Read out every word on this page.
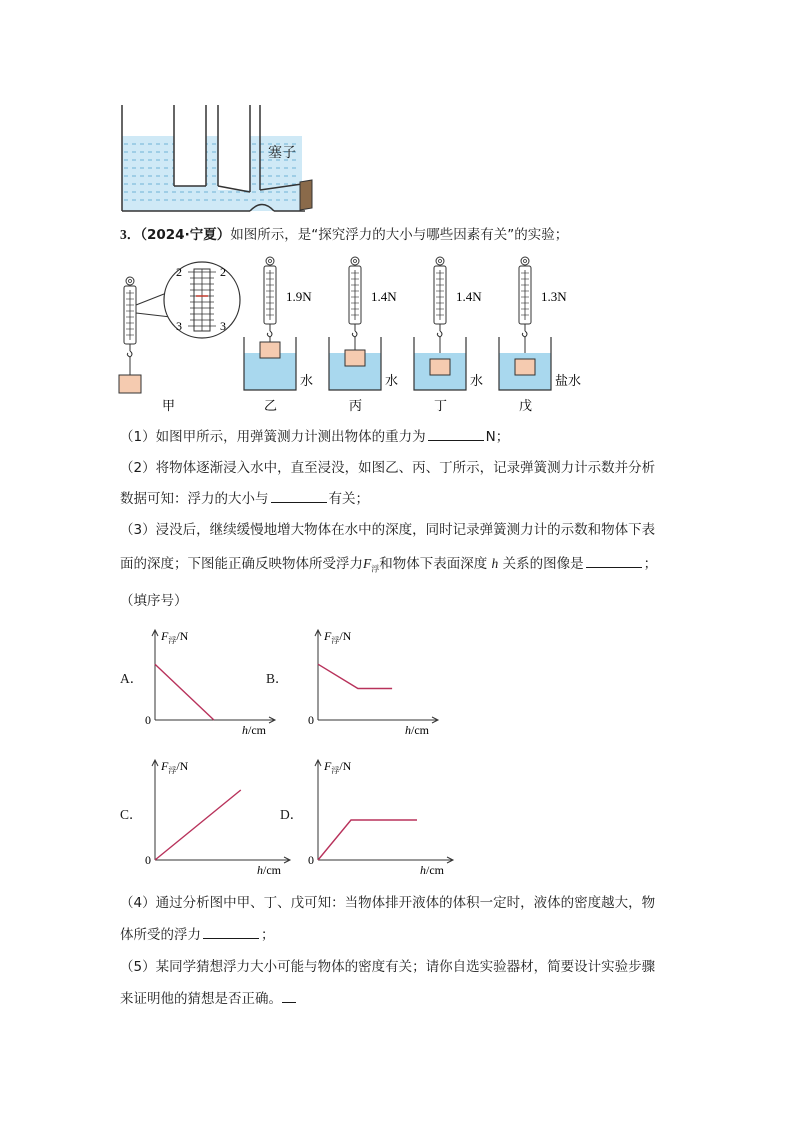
塞子
3．（2024·宁夏）如图所示，是“探究浮力的大小与哪些因素有关”的实验；
2	2
3	3
1.9N
水
乙
1.4N
水
丙
1.4N
水
丁
1.3N
盐水
戊
甲
（1）如图甲所示，用弹簧测力计测出物体的重力为	N；
（2）将物体逐渐浸入水中，直至浸没，如图乙、丙、丁所示，记录弹簧测力计示数并分析
数据可知：浮力的大小与	有关；
（3）浸没后，继续缓慢地增大物体在水中的深度，同时记录弹簧测力计的示数和物体下表
面的深度；下图能正确反映物体所受浮力$F_浮$和物体下表面深度 h 关系的图像是	；
（填序号）
A．	B．
C．	D．
$F_浮/N$
h/cm
0
$F_浮/N$
h/cm
0
$F_浮/N$
h/cm
0
$F_浮/N$
h/cm
0
（4）通过分析图中甲、丁、戊可知：当物体排开液体的体积一定时，液体的密度越大，物
体所受的浮力	；
（5）某同学猜想浮力大小可能与物体的密度有关；请你自选实验器材，简要设计实验步骤
来证明他的猜想是否正确。
